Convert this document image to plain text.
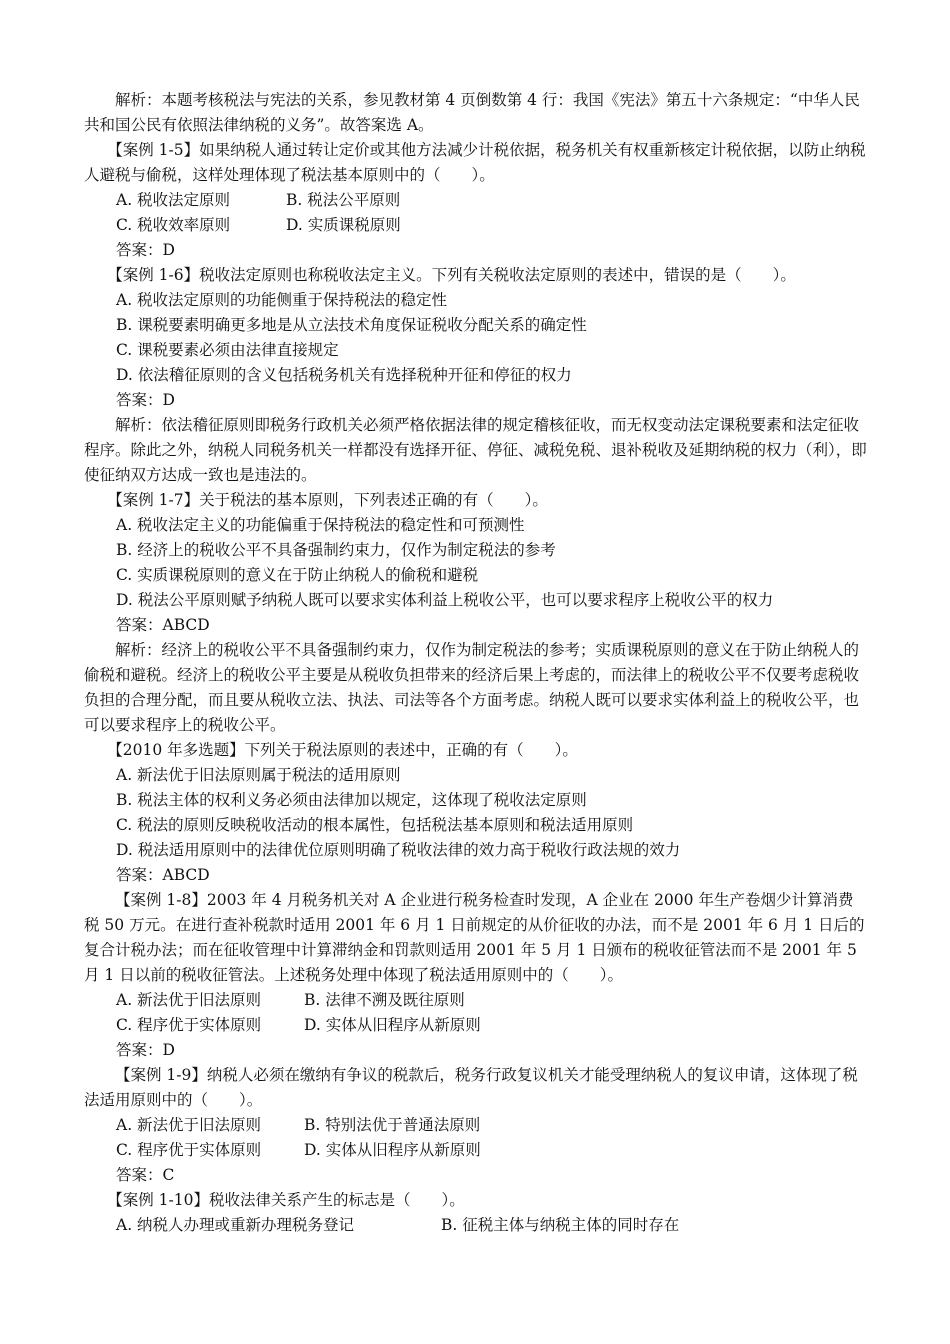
解析：本题考核税法与宪法的关系，参见教材第 4 页倒数第 4 行：我国《宪法》第五十六条规定：“中华人民共和国公民有依照法律纳税的义务”。故答案选 A。
【案例 1-5】如果纳税人通过转让定价或其他方法减少计税依据，税务机关有权重新核定计税依据，以防止纳税人避税与偷税，这样处理体现了税法基本原则中的（　　）。
A. 税收法定原则	B. 税法公平原则
C. 税收效率原则	D. 实质课税原则
答案：D
【案例 1-6】税收法定原则也称税收法定主义。下列有关税收法定原则的表述中，错误的是（　　）。
A. 税收法定原则的功能侧重于保持税法的稳定性
B. 课税要素明确更多地是从立法技术角度保证税收分配关系的确定性
C. 课税要素必须由法律直接规定
D. 依法稽征原则的含义包括税务机关有选择税种开征和停征的权力
答案：D
解析：依法稽征原则即税务行政机关必须严格依据法律的规定稽核征收，而无权变动法定课税要素和法定征收程序。除此之外，纳税人同税务机关一样都没有选择开征、停征、减税免税、退补税收及延期纳税的权力（利），即使征纳双方达成一致也是违法的。
【案例 1-7】关于税法的基本原则，下列表述正确的有（　　）。
A. 税收法定主义的功能偏重于保持税法的稳定性和可预测性
B. 经济上的税收公平不具备强制约束力，仅作为制定税法的参考
C. 实质课税原则的意义在于防止纳税人的偷税和避税
D. 税法公平原则赋予纳税人既可以要求实体利益上税收公平，也可以要求程序上税收公平的权力
答案：ABCD
解析：经济上的税收公平不具备强制约束力，仅作为制定税法的参考；实质课税原则的意义在于防止纳税人的偷税和避税。经济上的税收公平主要是从税收负担带来的经济后果上考虑的，而法律上的税收公平不仅要考虑税收负担的合理分配，而且要从税收立法、执法、司法等各个方面考虑。纳税人既可以要求实体利益上的税收公平，也可以要求程序上的税收公平。
【2010 年多选题】下列关于税法原则的表述中，正确的有（　　）。
A. 新法优于旧法原则属于税法的适用原则
B. 税法主体的权利义务必须由法律加以规定，这体现了税收法定原则
C. 税法的原则反映税收活动的根本属性，包括税法基本原则和税法适用原则
D. 税法适用原则中的法律优位原则明确了税收法律的效力高于税收行政法规的效力
答案：ABCD
【案例 1-8】2003 年 4 月税务机关对 A 企业进行税务检查时发现，A 企业在 2000 年生产卷烟少计算消费税 50 万元。在进行查补税款时适用 2001 年 6 月 1 日前规定的从价征收的办法，而不是 2001 年 6 月 1 日后的复合计税办法；而在征收管理中计算滞纳金和罚款则适用 2001 年 5 月 1 日颁布的税收征管法而不是 2001 年 5 月 1 日以前的税收征管法。上述税务处理中体现了税法适用原则中的（　　）。
A. 新法优于旧法原则	B. 法律不溯及既往原则
C. 程序优于实体原则	D. 实体从旧程序从新原则
答案：D
【案例 1-9】纳税人必须在缴纳有争议的税款后，税务行政复议机关才能受理纳税人的复议申请，这体现了税法适用原则中的（　　）。
A. 新法优于旧法原则	B. 特别法优于普通法原则
C. 程序优于实体原则	D. 实体从旧程序从新原则
答案：C
【案例 1-10】税收法律关系产生的标志是（　　）。
A. 纳税人办理或重新办理税务登记	B. 征税主体与纳税主体的同时存在
